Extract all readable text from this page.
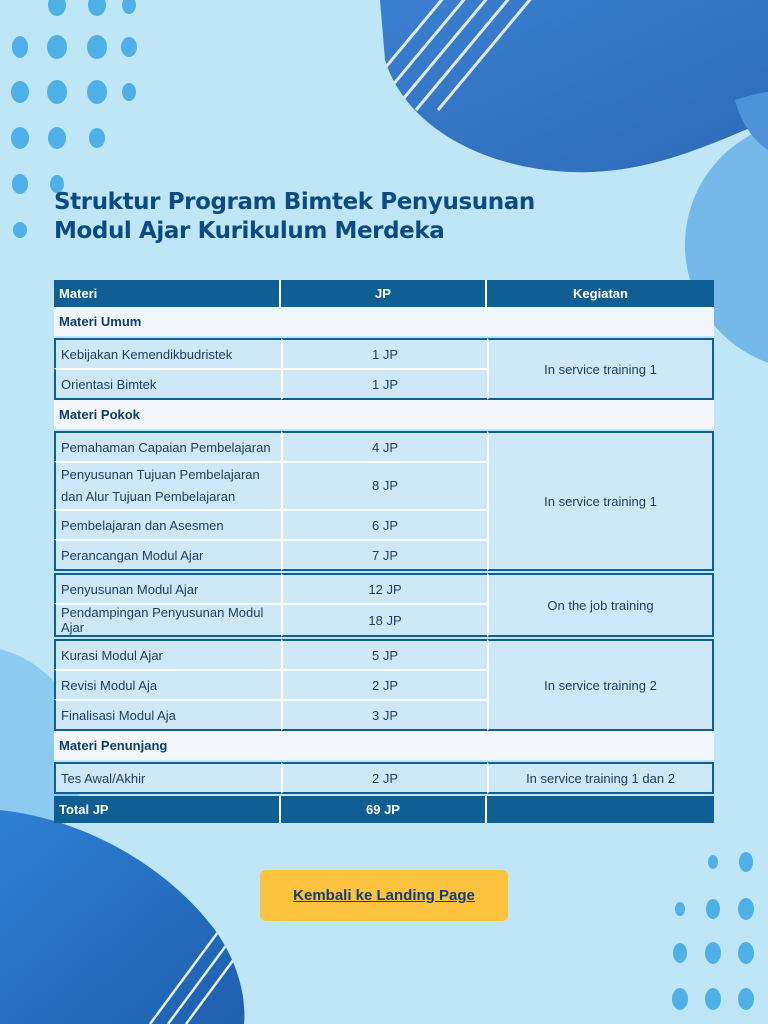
Struktur Program Bimtek Penyusunan Modul Ajar Kurikulum Merdeka
Materi	JP	Kegiatan
Materi Umum		
Kebijakan Kemendikbudristek	1 JP	In service training 1
Orientasi Bimtek	1 JP	
Materi Pokok		
Pemahaman Capaian Pembelajaran	4 JP	In service training 1
Penyusunan Tujuan Pembelajaran dan Alur Tujuan Pembelajaran	8 JP	
Pembelajaran dan Asesmen	6 JP	
Perancangan Modul Ajar	7 JP	

Penyusunan Modul Ajar	12 JP	On the job training
Pendampingan Penyusunan Modul Ajar	18 JP	

Kurasi Modul Ajar	5 JP	In service training 2
Revisi Modul Aja	2 JP	
Finalisasi Modul Aja	3 JP	
Materi Penunjang		
Tes Awal/Akhir	2 JP	In service training 1 dan 2

Total JP	69 JP	
Kembali ke Landing Page
